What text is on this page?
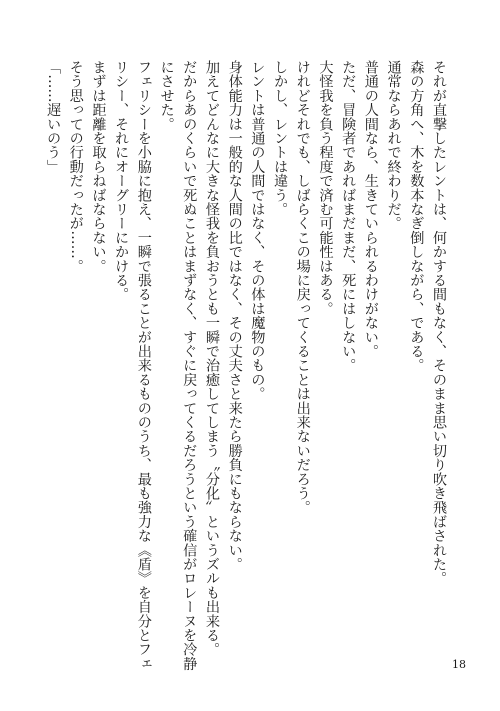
それが直撃したレントは、何かする間もなく、そのまま思い切り吹き飛ばされた。

森の方角へ、木を数本なぎ倒しながら、である。

通常ならあれで終わりだ。

普通の人間なら、生きていられるわけがない。

ただ、冒険者であればまだまだ、死にはしない。

大怪我を負う程度で済む可能性はある。

けれどそれでも、しばらくこの場に戻ってくることは出来ないだろう。

しかし、レントは違う。

レントは普通の人間ではなく、その体は魔物のもの。

身体能力は一般的な人間の比ではなく、その丈夫さと来たら勝負にもならない。

加えてどんなに大きな怪我を負おうとも一瞬で治癒してしまう〝分化〟というズルも出来る。

だからあのくらいで死ぬことはまずなく、すぐに戻ってくるだろうという確信がロレーヌを冷静

にさせた。

フェリシーを小脇に抱え、一瞬で張ることが出来るもののうち、最も強力な《盾》を自分とフェ

リシー、それにオーグリーにかける。

まずは距離を取らねばならない。

そう思っての行動だったが……。

「……遅いのう」

18
